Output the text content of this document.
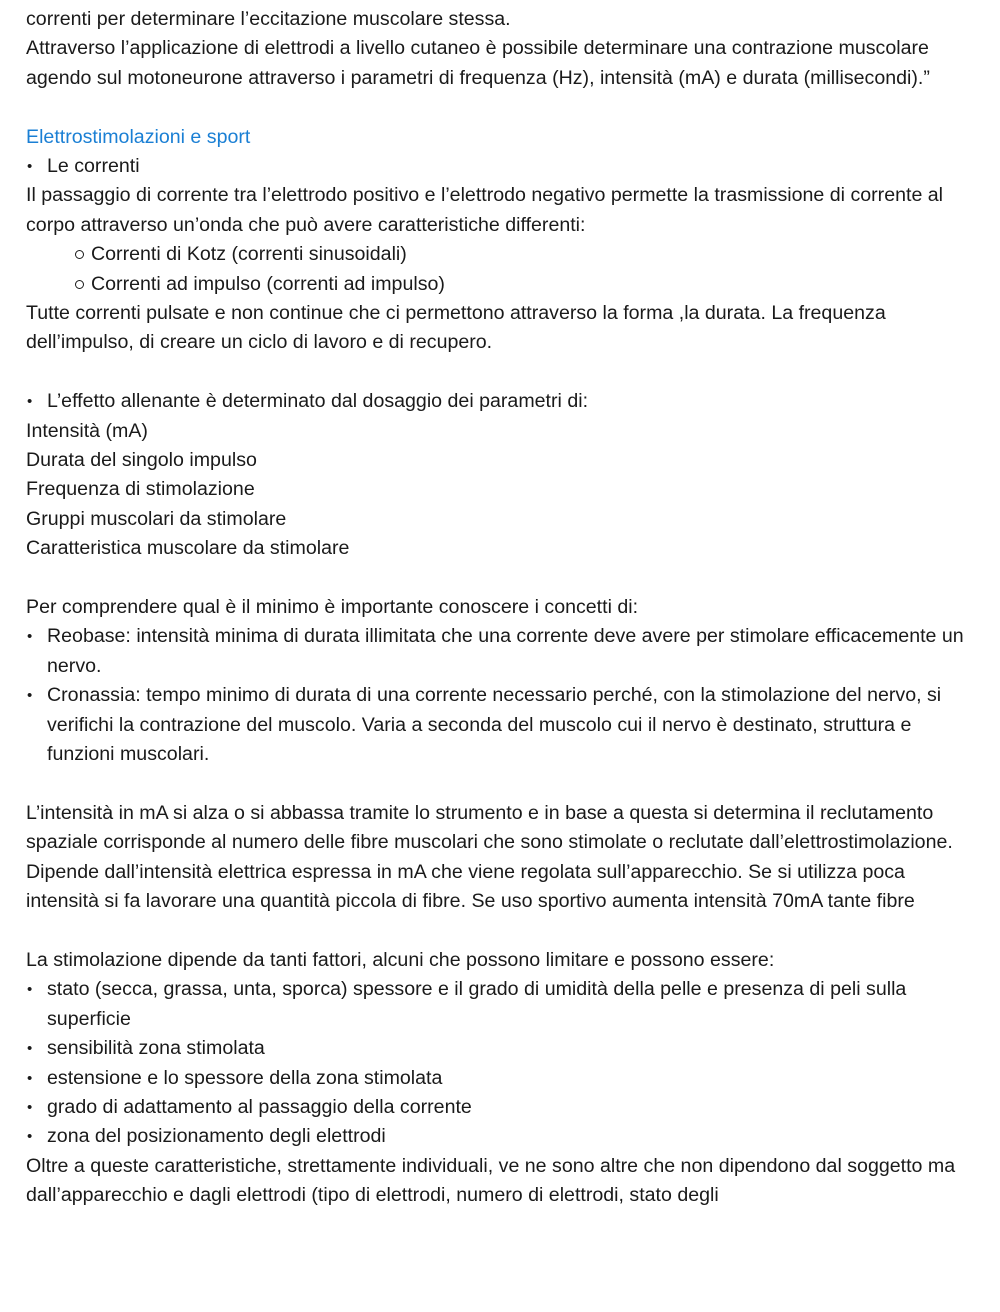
correnti per determinare l’eccitazione muscolare stessa.

Attraverso l’applicazione di elettrodi a livello cutaneo è possibile determinare una contrazione muscolare agendo sul motoneurone attraverso i parametri di frequenza (Hz), intensità (mA) e durata (millisecondi).”

Elettrostimolazioni e sport

• Le correnti

Il passaggio di corrente tra l’elettrodo positivo e l’elettrodo negativo permette la trasmissione di corrente al corpo attraverso un’onda che può avere caratteristiche differenti:

Correnti di Kotz (correnti sinusoidali)

Correnti ad impulso (correnti ad impulso)

Tutte correnti pulsate e non continue che ci permettono attraverso la forma ,la durata. La frequenza dell’impulso, di creare un ciclo di lavoro e di recupero.

• L’effetto allenante è determinato dal dosaggio dei parametri di:

Intensità (mA)

Durata del singolo impulso

Frequenza di stimolazione

Gruppi muscolari da stimolare

Caratteristica muscolare da stimolare

Per comprendere qual è il minimo è importante conoscere i concetti di:

• Reobase: intensità minima di durata illimitata che una corrente deve avere per stimolare efficacemente un nervo.

• Cronassia: tempo minimo di durata di una corrente necessario perché, con la stimolazione del nervo, si verifichi la contrazione del muscolo. Varia a seconda del muscolo cui il nervo è destinato, struttura e funzioni muscolari.

L’intensità in mA si alza o si abbassa tramite lo strumento e in base a questa si determina il reclutamento spaziale corrisponde al numero delle fibre muscolari che sono stimolate o reclutate dall’elettrostimolazione.

Dipende dall’intensità elettrica espressa in mA che viene regolata sull’apparecchio. Se si utilizza poca intensità si fa lavorare una quantità piccola di fibre. Se uso sportivo aumenta intensità 70mA tante fibre

La stimolazione dipende da tanti fattori, alcuni che possono limitare e possono essere:

• stato (secca, grassa, unta, sporca) spessore e il grado di umidità della pelle e presenza di peli sulla superficie

• sensibilità zona stimolata

• estensione e lo spessore della zona stimolata

• grado di adattamento al passaggio della corrente

• zona del posizionamento degli elettrodi

Oltre a queste caratteristiche, strettamente individuali, ve ne sono altre che non dipendono dal soggetto ma dall’apparecchio e dagli elettrodi (tipo di elettrodi, numero di elettrodi, stato degli
